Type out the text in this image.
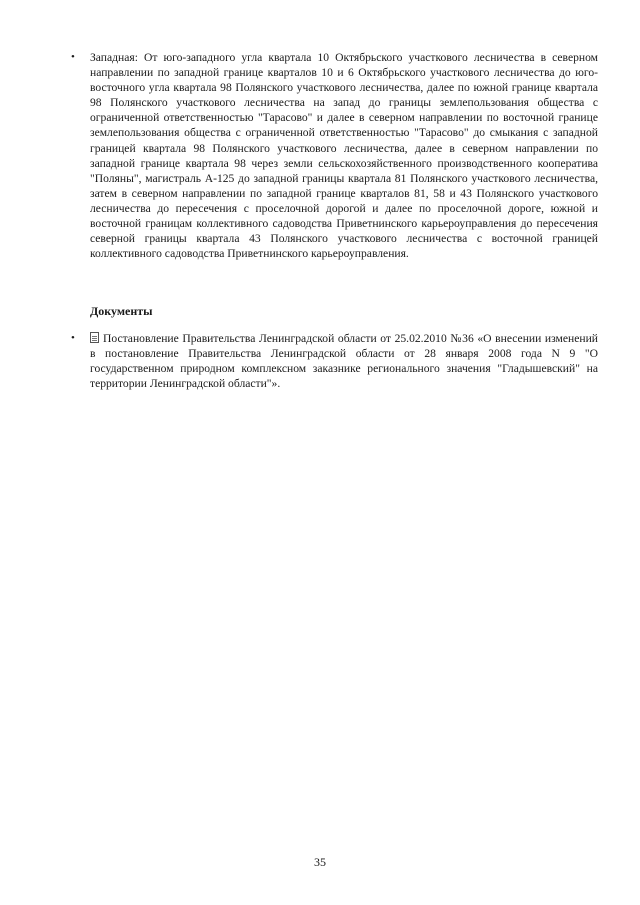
• Западная: От юго-западного угла квартала 10 Октябрьского участкового лесничества в северном направлении по западной границе кварталов 10 и 6 Октябрьского участкового лесничества до юго-восточного угла квартала 98 Полянского участкового лесничества, далее по южной границе квартала 98 Полянского участкового лесничества на запад до границы землепользования общества с ограниченной ответственностью "Тарасово" и далее в северном направлении по восточной границе землепользования общества с ограниченной ответственностью "Тарасово" до смыкания с западной границей квартала 98 Полянского участкового лесничества, далее в северном направлении по западной границе квартала 98 через земли сельскохозяйственного производственного кооператива "Поляны", магистраль А-125 до западной границы квартала 81 Полянского участкового лесничества, затем в северном направлении по западной границе кварталов 81, 58 и 43 Полянского участкового лесничества до пересечения с проселочной дорогой и далее по проселочной дороге, южной и восточной границам коллективного садоводства Приветнинского карьероуправления до пересечения северной границы квартала 43 Полянского участкового лесничества с восточной границей коллективного садоводства Приветнинского карьероуправления.

Документы

• Постановление Правительства Ленинградской области от 25.02.2010 №36 «О внесении изменений в постановление Правительства Ленинградской области от 28 января 2008 года N 9 "О государственном природном комплексном заказнике регионального значения "Гладышевский" на территории Ленинградской области"».

35
